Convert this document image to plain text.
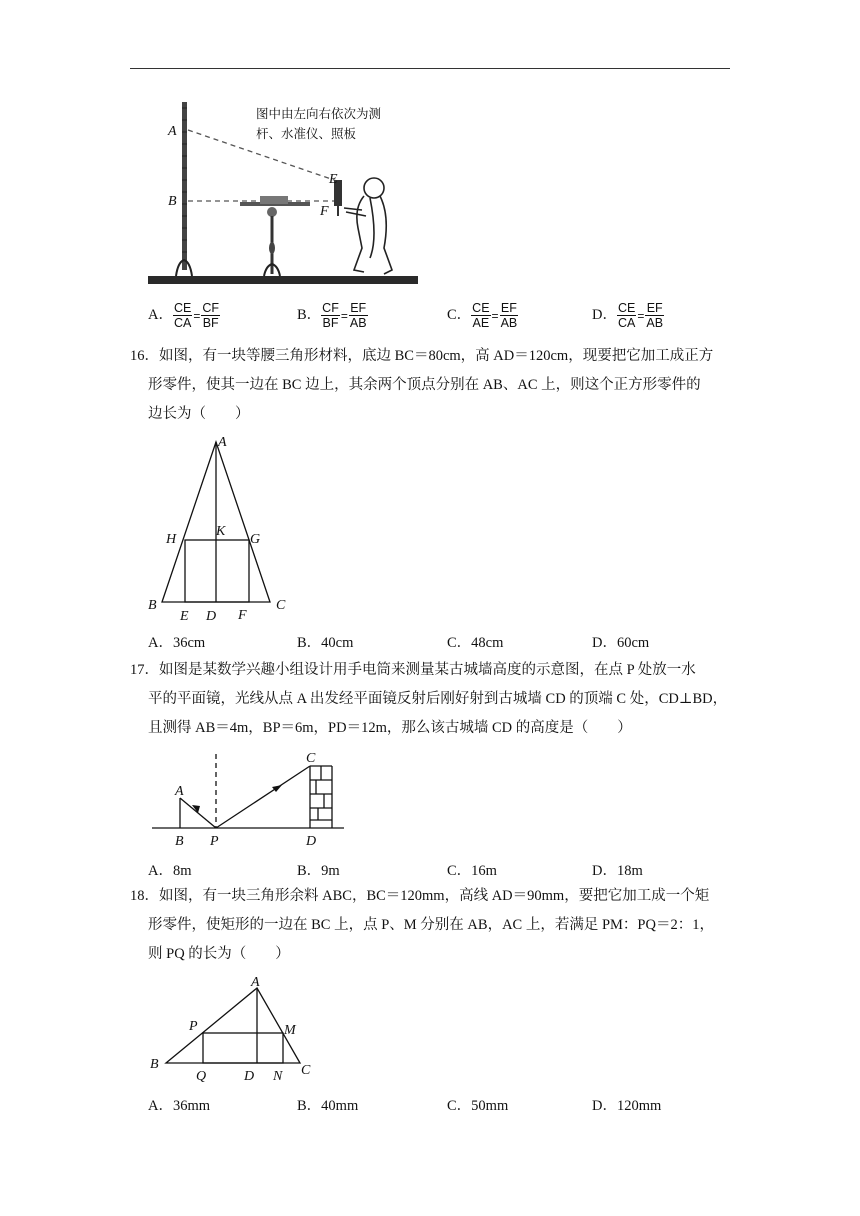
图中由左向右依次为测
杆、水准仪、照板
A
B
E
F
A． $\frac{CE}{CA} = \frac{CF}{BF}$	B． $\frac{CF}{BF} = \frac{EF}{AB}$	C． $\frac{CE}{AE} = \frac{EF}{AB}$	D． $\frac{CE}{CA} = \frac{EF}{AB}$
16．如图，有一块等腰三角形材料，底边 BC＝80cm，高 AD＝120cm，现要把它加工成正方
形零件，使其一边在 BC 边上，其余两个顶点分别在 AB、AC 上，则这个正方形零件的
边长为（　　）
A
H
K
G
B
E D F
C
A．36cm	B．40cm	C．48cm	D．60cm
17．如图是某数学兴趣小组设计用手电筒来测量某古城墙高度的示意图，在点 P 处放一水
平的平面镜，光线从点 A 出发经平面镜反射后刚好射到古城墙 CD 的顶端 C 处，CD⊥BD，
且测得 AB＝4m，BP＝6m，PD＝12m，那么该古城墙 CD 的高度是（　　）
A
B P
C
D
A．8m	B．9m	C．16m	D．18m
18．如图，有一块三角形余料 ABC，BC＝120mm，高线 AD＝90mm，要把它加工成一个矩
形零件，使矩形的一边在 BC 上，点 P、M 分别在 AB，AC 上，若满足 PM：PQ＝2：1，
则 PQ 的长为（　　）
A
P	M
B
Q	D N C
A．36mm	B．40mm	C．50mm	D．120mm
